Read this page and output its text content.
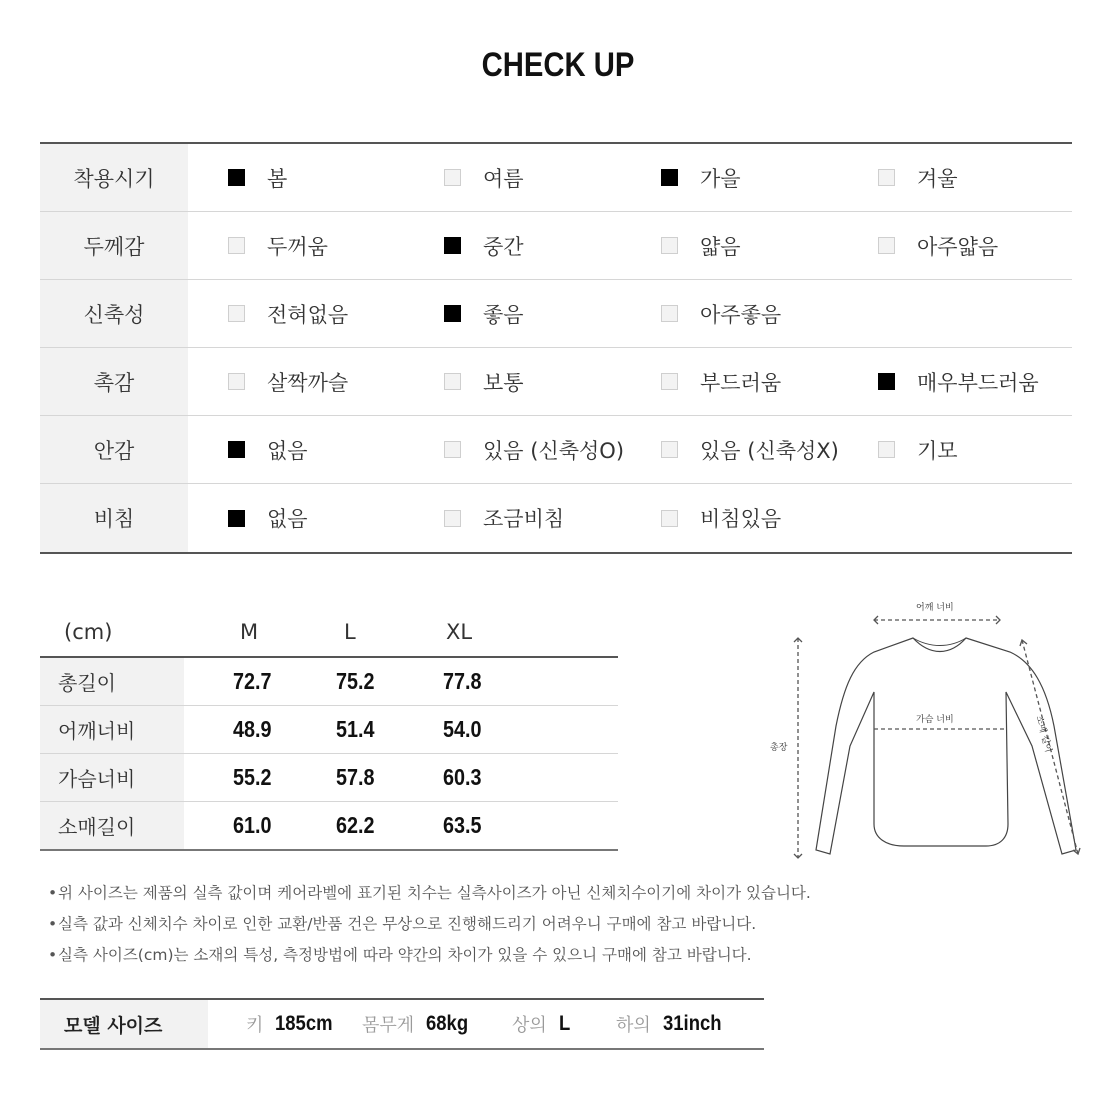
CHECK UP
착용시기	봄	여름	가을	겨울
두께감	두꺼움	중간	얇음	아주얇음
신축성	전혀없음	좋음	아주좋음
촉감	살짝까슬	보통	부드러움	매우부드러움
안감	없음	있음 (신축성O)	있음 (신축성X)	기모
비침	없음	조금비침	비침있음
(cm)	M	L	XL
총길이	72.7	75.2	77.8
어깨너비	48.9	51.4	54.0
가슴너비	55.2	57.8	60.3
소매길이	61.0	62.2	63.5
어깨 너비
가슴 너비
총장	소매 길이
•위 사이즈는 제품의 실측 값이며 케어라벨에 표기된 치수는 실측사이즈가 아닌 신체치수이기에 차이가 있습니다.
•실측 값과 신체치수 차이로 인한 교환/반품 건은 무상으로 진행해드리기 어려우니 구매에 참고 바랍니다.
•실측 사이즈(cm)는 소재의 특성, 측정방법에 따라 약간의 차이가 있을 수 있으니 구매에 참고 바랍니다.
모델 사이즈	키 185cm 몸무게 68kg 상의 L	하의 31inch
